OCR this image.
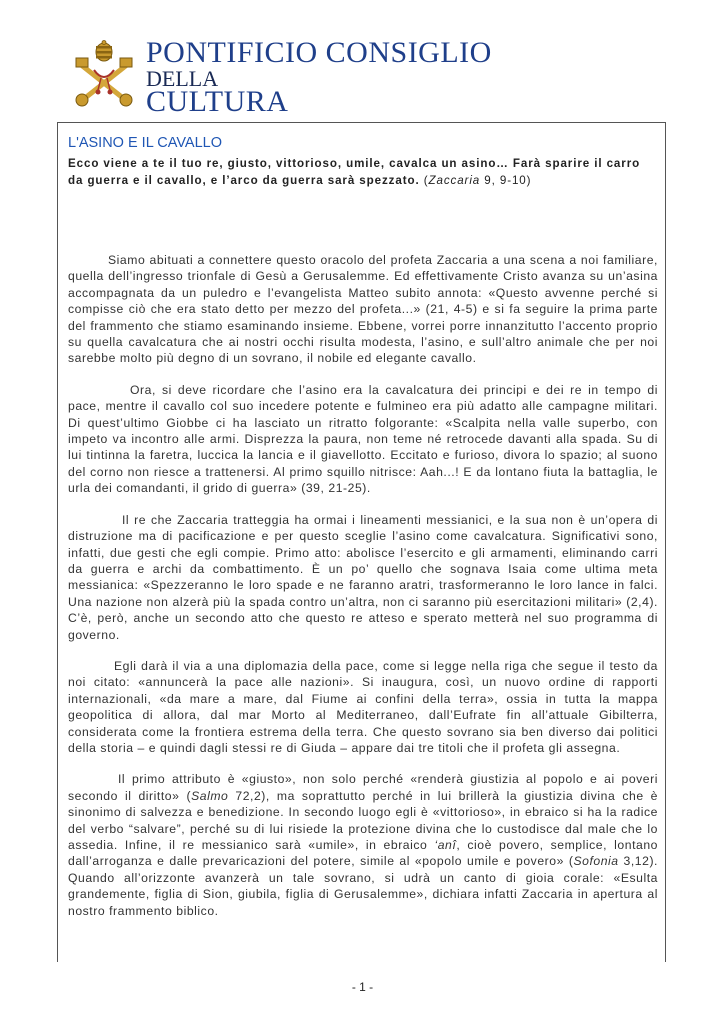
PONTIFICIO CONSIGLIO
DELLA
CULTURA
L'ASINO E IL CAVALLO
Ecco viene a te il tuo re, giusto, vittorioso, umile, cavalca un asino… Farà sparire il carro da guerra e il cavallo, e l’arco da guerra sarà spezzato. (Zaccaria 9, 9-10)

Siamo abituati a connettere questo oracolo del profeta Zaccaria a una scena a noi familiare, quella dell’ingresso trionfale di Gesù a Gerusalemme. Ed effettivamente Cristo avanza su un’asina accompagnata da un puledro e l’evangelista Matteo subito annota: «Questo avvenne perché si compisse ciò che era stato detto per mezzo del profeta...» (21, 4-5) e si fa seguire la prima parte del frammento che stiamo esaminando insieme. Ebbene, vorrei porre innanzitutto l’accento proprio su quella cavalcatura che ai nostri occhi risulta modesta, l’asino, e sull’altro animale che per noi sarebbe molto più degno di un sovrano, il nobile ed elegante cavallo.

Ora, si deve ricordare che l’asino era la cavalcatura dei principi e dei re in tempo di pace, mentre il cavallo col suo incedere potente e fulmineo era più adatto alle campagne militari. Di quest’ultimo Giobbe ci ha lasciato un ritratto folgorante: «Scalpita nella valle superbo, con impeto va incontro alle armi. Disprezza la paura, non teme né retrocede davanti alla spada. Su di lui tintinna la faretra, luccica la lancia e il giavellotto. Eccitato e furioso, divora lo spazio; al suono del corno non riesce a trattenersi. Al primo squillo nitrisce: Aah...! E da lontano fiuta la battaglia, le urla dei comandanti, il grido di guerra» (39, 21-25).

Il re che Zaccaria tratteggia ha ormai i lineamenti messianici, e la sua non è un’opera di distruzione ma di pacificazione e per questo sceglie l’asino come cavalcatura. Significativi sono, infatti, due gesti che egli compie. Primo atto: abolisce l’esercito e gli armamenti, eliminando carri da guerra e archi da combattimento. È un po’ quello che sognava Isaia come ultima meta messianica: «Spezzeranno le loro spade e ne faranno aratri, trasformeranno le loro lance in falci. Una nazione non alzerà più la spada contro un’altra, non ci saranno più esercitazioni militari» (2,4). C’è, però, anche un secondo atto che questo re atteso e sperato metterà nel suo programma di governo.

Egli darà il via a una diplomazia della pace, come si legge nella riga che segue il testo da noi citato: «annuncerà la pace alle nazioni». Si inaugura, così, un nuovo ordine di rapporti internazionali, «da mare a mare, dal Fiume ai confini della terra», ossia in tutta la mappa geopolitica di allora, dal mar Morto al Mediterraneo, dall’Eufrate fin all’attuale Gibilterra, considerata come la frontiera estrema della terra. Che questo sovrano sia ben diverso dai politici della storia – e quindi dagli stessi re di Giuda – appare dai tre titoli che il profeta gli assegna.

Il primo attributo è «giusto», non solo perché «renderà giustizia al popolo e ai poveri secondo il diritto» (Salmo 72,2), ma soprattutto perché in lui brillerà la giustizia divina che è sinonimo di salvezza e benedizione. In secondo luogo egli è «vittorioso», in ebraico si ha la radice del verbo “salvare”, perché su di lui risiede la protezione divina che lo custodisce dal male che lo assedia. Infine, il re messianico sarà «umile», in ebraico ‘anî, cioè povero, semplice, lontano dall’arroganza e dalle prevaricazioni del potere, simile al «popolo umile e povero» (Sofonia 3,12). Quando all’orizzonte avanzerà un tale sovrano, si udrà un canto di gioia corale: «Esulta grandemente, figlia di Sion, giubila, figlia di Gerusalemme», dichiara infatti Zaccaria in apertura al nostro frammento biblico.

- 1 -
